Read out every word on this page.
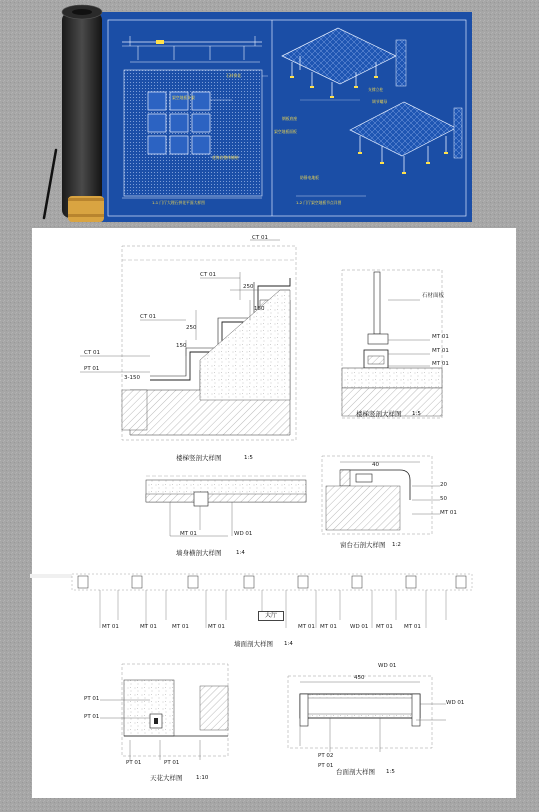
石材拼花
花岗岩整体铺贴
架空地板支架
1-1 门厅大理石拼花平面大样图	1-2 门厅架空地板节点详图
支撑立柱
调节螺母
钢板底座
架空地板面板
防静电地板
CT 01
CT 01
CT 01
CT 01
PT 01
250
150
250
150
3-150
楼梯竖剖大样图	1:5
石材面板
MT 01
MT 01
MT 01
楼梯竖剖大样图 1:5
MT 01	WD 01
墙身横剖大样图	1:4
40
20
50
MT 01
窗台石剖大样图 1:2
大厅
MT 01	MT 01	MT 01	MT 01	MT 01 MT 01 WD 01 MT 01 MT 01
墙面剖大样图 1:4
PT 01
PT 01
PT 01	PT 01
天花大样图 1:10
450
WD 01
WD 01
PT 02
PT 01
台面剖大样图 1:5
